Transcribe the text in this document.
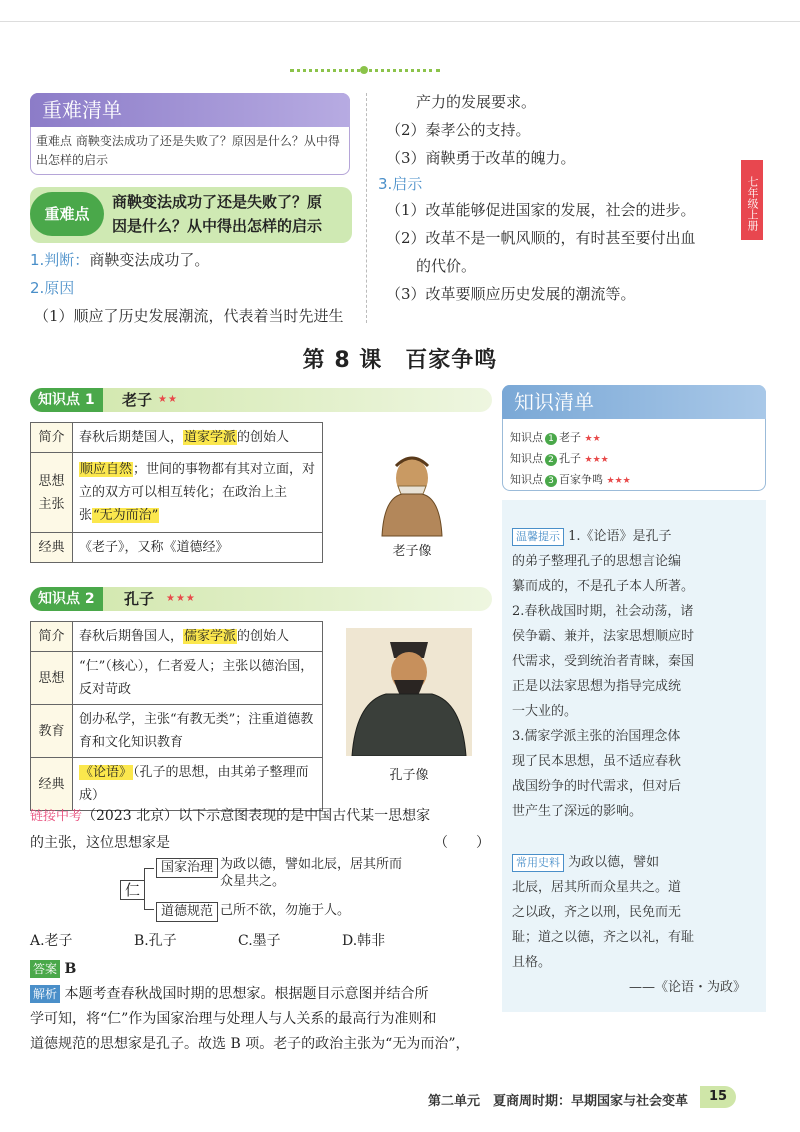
七年级上册
重难清单
重难点 商鞅变法成功了还是失败了？原因是什么？从中得出怎样的启示
重难点
商鞅变法成功了还是失败了？原
因是什么？从中得出怎样的启示
1.判断：商鞅变法成功了。
2.原因
（1）顺应了历史发展潮流，代表着当时先进生
产力的发展要求。
（2）秦孝公的支持。
（3）商鞅勇于改革的魄力。
3.启示
（1）改革能够促进国家的发展，社会的进步。
（2）改革不是一帆风顺的，有时甚至要付出血
的代价。
（3）改革要顺应历史发展的潮流等。
第 8 课　百家争鸣
知识点 1	老子 ★★
简介	春秋后期楚国人，道家学派的创始人
思想主张	顺应自然；世间的事物都有其对立面，对立的双方可以相互转化；在政治上主张“无为而治”
经典	《老子》，又称《道德经》	老子像
知识点 2	孔子 ★★★
简介	春秋后期鲁国人，儒家学派的创始人
思想	“仁”（核心），仁者爱人；主张以德治国，反对苛政
教育	创办私学，主张“有教无类”；注重道德教育和文化知识教育
经典	《论语》（孔子的思想，由其弟子整理而成）
孔子像
链接中考（2023 北京）以下示意图表现的是中国古代某一思想家
的主张，这位思想家是	（　　）
仁
国家治理 为政以德，譬如北辰，居其所而
众星共之。
道德规范 己所不欲，勿施于人。
A.老子	B.孔子	C.墨子	D.韩非
答案 B
解析 本题考查春秋战国时期的思想家。根据题目示意图并结合所
学可知，将“仁”作为国家治理与处理人与人关系的最高行为准则和
道德规范的思想家是孔子。故选 B 项。老子的政治主张为“无为而治”，
知识清单
知识点 1 老子 ★★
知识点 2 孔子 ★★★
知识点 3 百家争鸣 ★★★
温馨提示 1.《论语》是孔子
的弟子整理孔子的思想言论编
纂而成的，不是孔子本人所著。
2.春秋战国时期，社会动荡，诸
侯争霸、兼并，法家思想顺应时
代需求，受到统治者青睐，秦国
正是以法家思想为指导完成统
一大业的。
3.儒家学派主张的治国理念体
现了民本思想，虽不适应春秋
战国纷争的时代需求，但对后
世产生了深远的影响。
常用史料 为政以德，譬如
北辰，居其所而众星共之。道
之以政，齐之以刑，民免而无
耻；道之以德，齐之以礼，有耻
且格。
——《论语・为政》
第二单元　夏商周时期：早期国家与社会变革	15
